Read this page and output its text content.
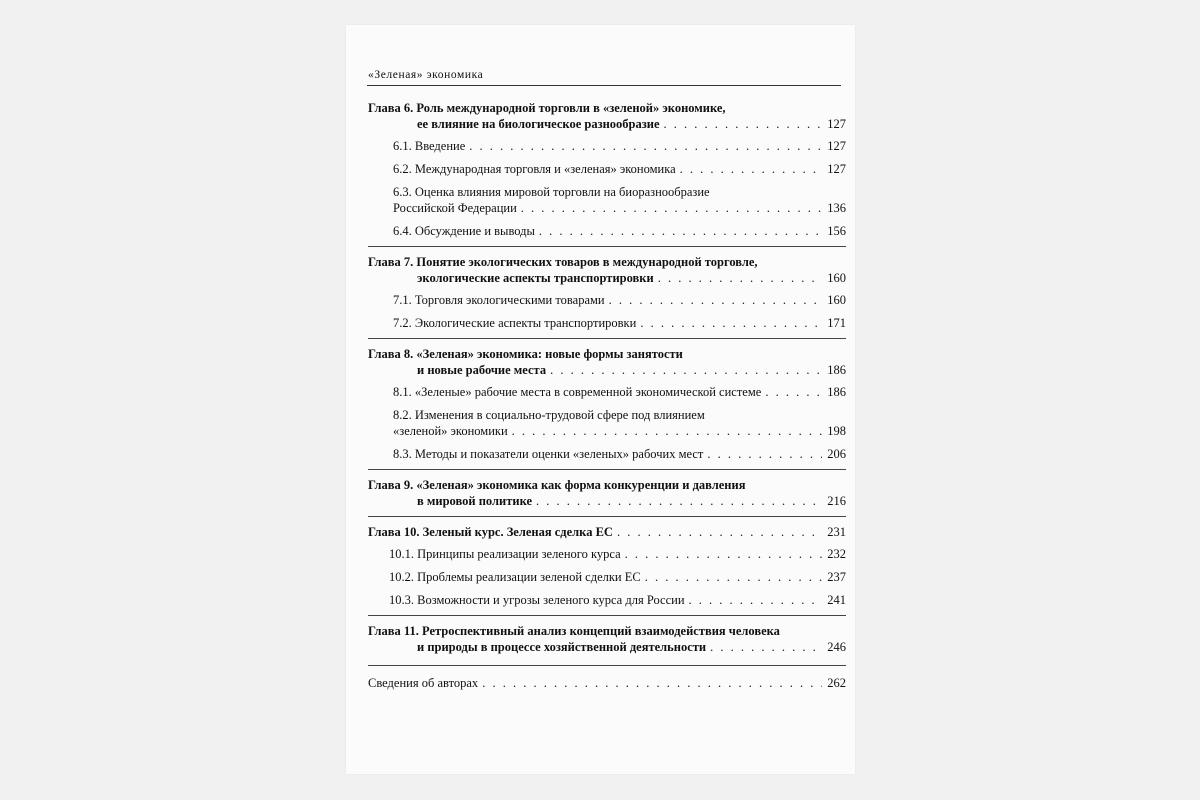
«Зеленая» экономика
Глава 6. Роль международной торговли в «зеленой» экономике,
ее влияние на биологическое разнообразие . . .	127
6.1. Введение . . .	127
6.2. Международная торговля и «зеленая» экономика . . .	127
6.3. Оценка влияния мировой торговли на биоразнообразие
Российской Федерации . . .	136
6.4. Обсуждение и выводы . . .	156
Глава 7. Понятие экологических товаров в международной торговле,
экологические аспекты транспортировки . . .	160
7.1. Торговля экологическими товарами . . .	160
7.2. Экологические аспекты транспортировки . . .	171
Глава 8. «Зеленая» экономика: новые формы занятости
и новые рабочие места . . .	186
8.1. «Зеленые» рабочие места в современной экономической системе . . .	186
8.2. Изменения в социально-трудовой сфере под влиянием
«зеленой» экономики . . .	198
8.3. Методы и показатели оценки «зеленых» рабочих мест . . .	206
Глава 9. «Зеленая» экономика как форма конкуренции и давления
в мировой политике . . .	216
Глава 10. Зеленый курс. Зеленая сделка ЕС . . .	231
10.1. Принципы реализации зеленого курса . . .	232
10.2. Проблемы реализации зеленой сделки ЕС . . .	237
10.3. Возможности и угрозы зеленого курса для России . . .	241
Глава 11. Ретроспективный анализ концепций взаимодействия человека
и природы в процессе хозяйственной деятельности . . .	246
Сведения об авторах . . .	262
